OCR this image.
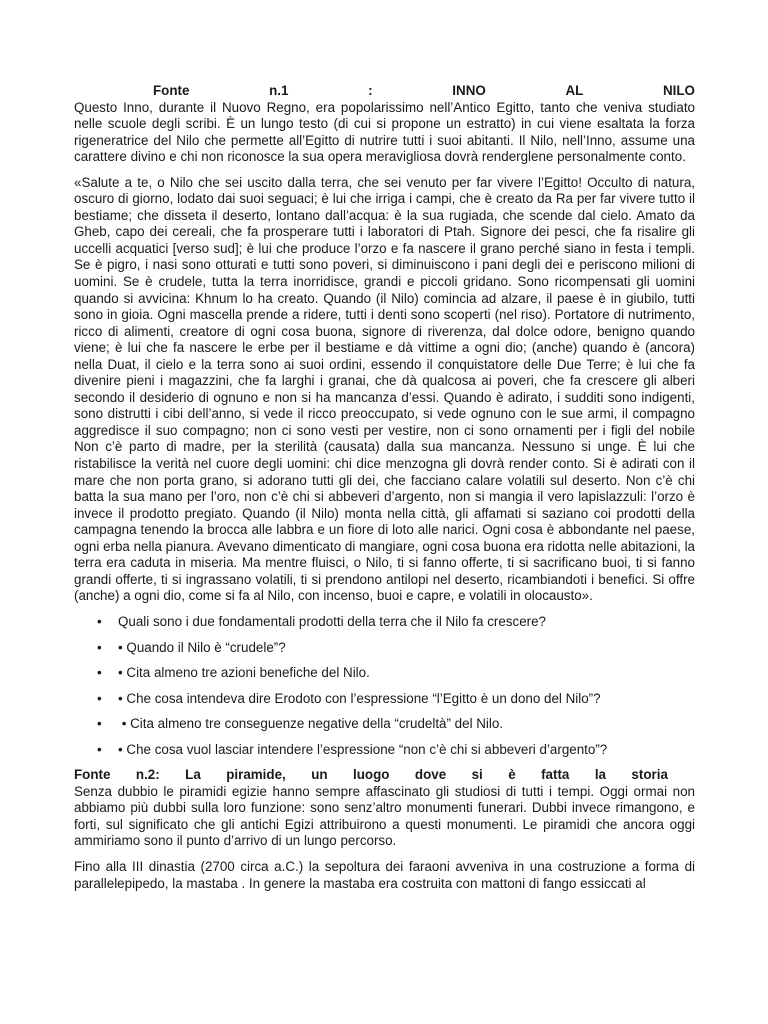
Fonte	n.1	:	INNO	AL	NILO

Questo Inno, durante il Nuovo Regno, era popolarissimo nell’Antico Egitto, tanto che veniva studiato nelle scuole degli scribi. È un lungo testo (di cui si propone un estratto) in cui viene esaltata la forza rigeneratrice del Nilo che permette all’Egitto di nutrire tutti i suoi abitanti. Il Nilo, nell’Inno, assume una carattere divino e chi non riconosce la sua opera meravigliosa dovrà renderglene personalmente conto.

«Salute a te, o Nilo che sei uscito dalla terra, che sei venuto per far vivere l’Egitto! Occulto di natura, oscuro di giorno, lodato dai suoi seguaci; è lui che irriga i campi, che è creato da Ra per far vivere tutto il bestiame; che disseta il deserto, lontano dall’acqua: è la sua rugiada, che scende dal cielo. Amato da Gheb, capo dei cereali, che fa prosperare tutti i laboratori di Ptah. Signore dei pesci, che fa risalire gli uccelli acquatici [verso sud]; è lui che produce l’orzo e fa nascere il grano perché siano in festa i templi. Se è pigro, i nasi sono otturati e tutti sono poveri, si diminuiscono i pani degli dei e periscono milioni di uomini. Se è crudele, tutta la terra inorridisce, grandi e piccoli gridano. Sono ricompensati gli uomini quando si avvicina: Khnum lo ha creato. Quando (il Nilo) comincia ad alzare, il paese è in giubilo, tutti sono in gioia. Ogni mascella prende a ridere, tutti i denti sono scoperti (nel riso). Portatore di nutrimento, ricco di alimenti, creatore di ogni cosa buona, signore di riverenza, dal dolce odore, benigno quando viene; è lui che fa nascere le erbe per il bestiame e dà vittime a ogni dio; (anche) quando è (ancora) nella Duat, il cielo e la terra sono ai suoi ordini, essendo il conquistatore delle Due Terre; è lui che fa divenire pieni i magazzini, che fa larghi i granai, che dà qualcosa ai poveri, che fa crescere gli alberi secondo il desiderio di ognuno e non si ha mancanza d’essi. Quando è adirato, i sudditi sono indigenti, sono distrutti i cibi dell’anno, si vede il ricco preoccupato, si vede ognuno con le sue armi, il compagno aggredisce il suo compagno; non ci sono vesti per vestire, non ci sono ornamenti per i figli del nobile Non c’è parto di madre, per la sterilità (causata) dalla sua mancanza. Nessuno si unge. È lui che ristabilisce la verità nel cuore degli uomini: chi dice menzogna gli dovrà render conto. Si è adirati con il mare che non porta grano, si adorano tutti gli dei, che facciano calare volatili sul deserto. Non c’è chi batta la sua mano per l’oro, non c’è chi si abbeveri d’argento, non si mangia il vero lapislazzuli: l’orzo è invece il prodotto pregiato. Quando (il Nilo) monta nella città, gli affamati si saziano coi prodotti della campagna tenendo la brocca alle labbra e un fiore di loto alle narici. Ogni cosa è abbondante nel paese, ogni erba nella pianura. Avevano dimenticato di mangiare, ogni cosa buona era ridotta nelle abitazioni, la terra era caduta in miseria. Ma mentre fluisci, o Nilo, ti si fanno offerte, ti si sacrificano buoi, ti si fanno grandi offerte, ti si ingrassano volatili, ti si prendono antilopi nel deserto, ricambiandoti i benefici. Si offre (anche) a ogni dio, come si fa al Nilo, con incenso, buoi e capre, e volatili in olocausto».

•	Quali sono i due fondamentali prodotti della terra che il Nilo fa crescere?
•	• Quando il Nilo è “crudele”?
•	• Cita almeno tre azioni benefiche del Nilo.
•	• Che cosa intendeva dire Erodoto con l’espressione “l’Egitto è un dono del Nilo”?
•	• Cita almeno tre conseguenze negative della “crudeltà” del Nilo.
•	• Che cosa vuol lasciar intendere l’espressione “non c’è chi si abbeveri d’argento”?
Fonte n.2: La piramide, un luogo dove si è fatta la storia

Senza dubbio le piramidi egizie hanno sempre affascinato gli studiosi di tutti i tempi. Oggi ormai non abbiamo più dubbi sulla loro funzione: sono senz’altro monumenti funerari. Dubbi invece rimangono, e forti, sul significato che gli antichi Egizi attribuirono a questi monumenti. Le piramidi che ancora oggi ammiriamo sono il punto d’arrivo di un lungo percorso.

Fino alla III dinastia (2700 circa a.C.) la sepoltura dei faraoni avveniva in una costruzione a forma di parallelepipedo, la mastaba . In genere la mastaba era costruita con mattoni di fango essiccati al
